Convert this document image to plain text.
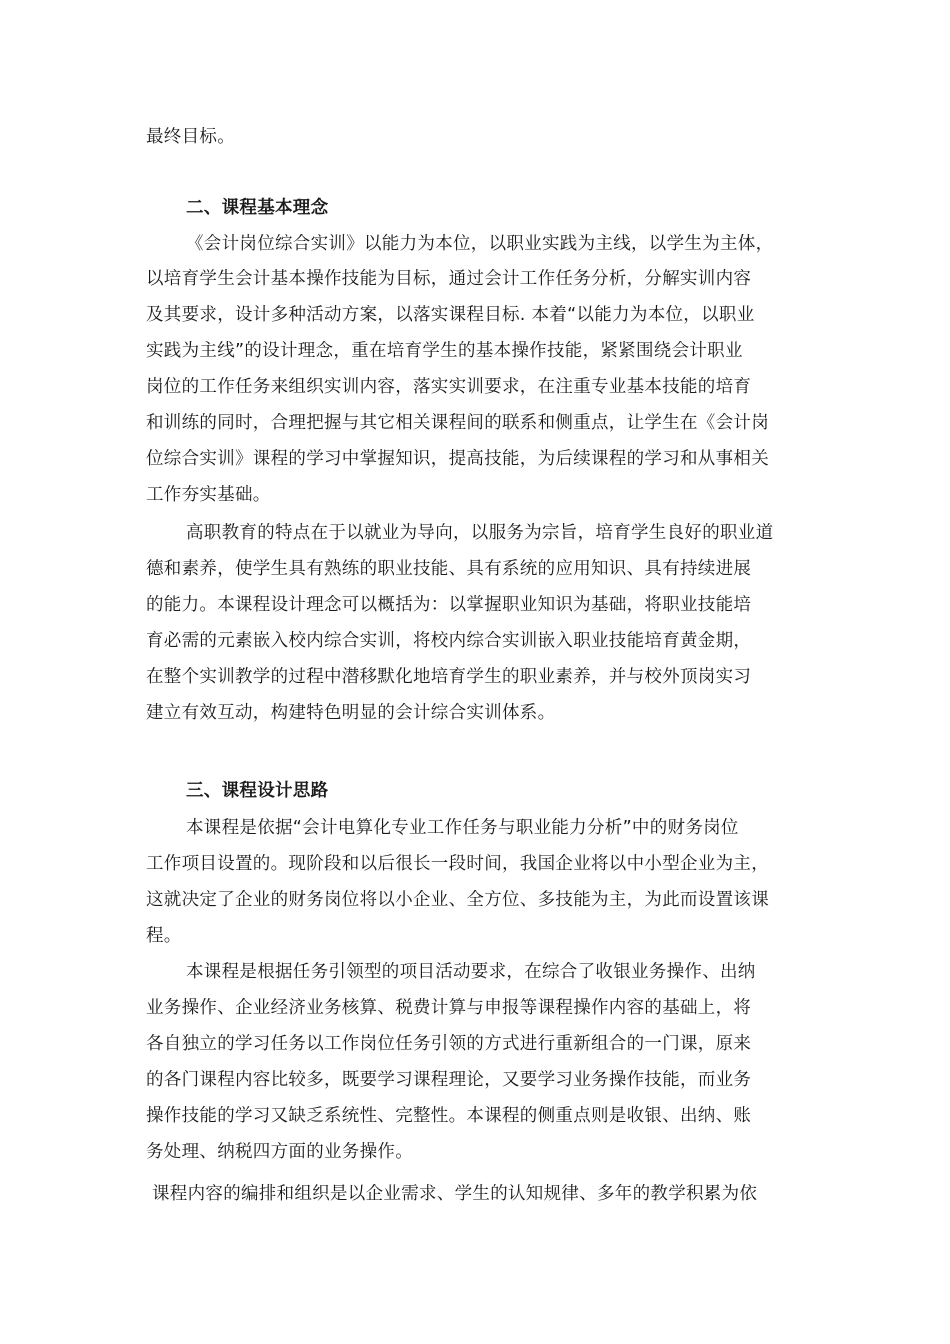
最终目标。
二、课程基本理念
《会计岗位综合实训》以能力为本位，以职业实践为主线，以学生为主体，
以培育学生会计基本操作技能为目标，通过会计工作任务分析，分解实训内容
及其要求，设计多种活动方案，以落实课程目标. 本着“以能力为本位，以职业
实践为主线”的设计理念，重在培育学生的基本操作技能，紧紧围绕会计职业
岗位的工作任务来组织实训内容，落实实训要求，在注重专业基本技能的培育
和训练的同时，合理把握与其它相关课程间的联系和侧重点，让学生在《会计岗
位综合实训》课程的学习中掌握知识，提高技能，为后续课程的学习和从事相关
工作夯实基础。
高职教育的特点在于以就业为导向，以服务为宗旨，培育学生良好的职业道
德和素养，使学生具有熟练的职业技能、具有系统的应用知识、具有持续进展
的能力。本课程设计理念可以概括为：以掌握职业知识为基础，将职业技能培
育必需的元素嵌入校内综合实训，将校内综合实训嵌入职业技能培育黄金期，
在整个实训教学的过程中潜移默化地培育学生的职业素养，并与校外顶岗实习
建立有效互动，构建特色明显的会计综合实训体系。
三、课程设计思路
本课程是依据“会计电算化专业工作任务与职业能力分析”中的财务岗位
工作项目设置的。现阶段和以后很长一段时间，我国企业将以中小型企业为主，
这就决定了企业的财务岗位将以小企业、全方位、多技能为主，为此而设置该课
程。
本课程是根据任务引领型的项目活动要求，在综合了收银业务操作、出纳
业务操作、企业经济业务核算、税费计算与申报等课程操作内容的基础上，将
各自独立的学习任务以工作岗位任务引领的方式进行重新组合的一门课，原来
的各门课程内容比较多，既要学习课程理论，又要学习业务操作技能，而业务
操作技能的学习又缺乏系统性、完整性。本课程的侧重点则是收银、出纳、账
务处理、纳税四方面的业务操作。
课程内容的编排和组织是以企业需求、学生的认知规律、多年的教学积累为依
